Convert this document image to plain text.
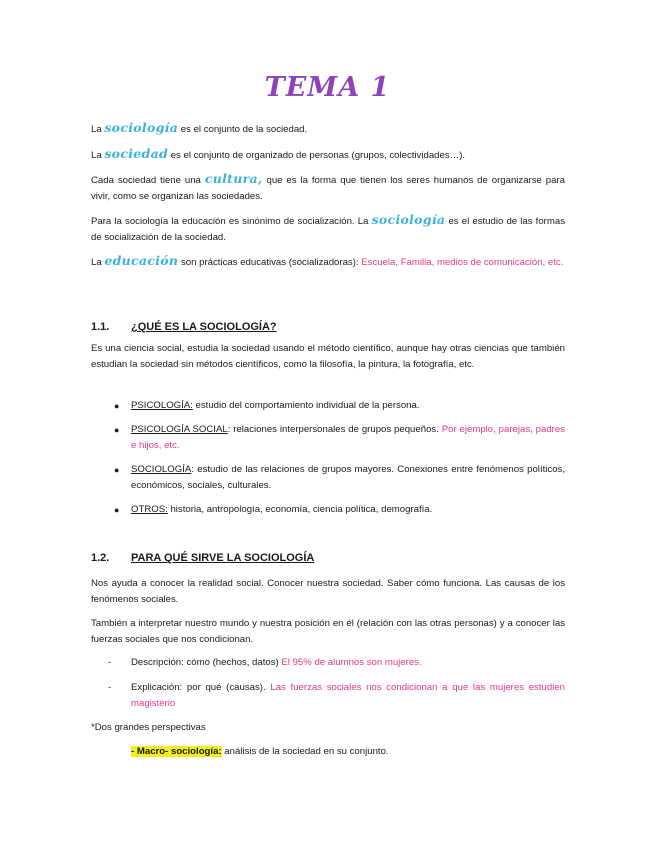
TEMA 1
La sociología es el conjunto de la sociedad.
La sociedad es el conjunto de organizado de personas (grupos, colectividades…).
Cada sociedad tiene una cultura, que es la forma que tienen los seres humanos de organizarse para vivir, como se organizan las sociedades.
Para la sociología la educación es sinónimo de socialización. La sociología es el estudio de las formas de socialización de la sociedad.
La educación son prácticas educativas (socializadoras): Escuela, Familia, medios de comunicación, etc.
1.1. ¿QUÉ ES LA SOCIOLOGÍA?
Es una ciencia social, estudia la sociedad usando el método científico, aunque hay otras ciencias que también estudian la sociedad sin métodos científicos, como la filosofía, la pintura, la fotografía, etc.
● PSICOLOGÍA: estudio del comportamiento individual de la persona.
● PSICOLOGÍA SOCIAL: relaciones interpersonales de grupos pequeños. Por ejemplo, parejas, padres e hijos, etc.
● SOCIOLOGÍA: estudio de las relaciones de grupos mayores. Conexiones entre fenómenos políticos, económicos, sociales, culturales.
● OTROS: historia, antropología, economía, ciencia política, demografía.
1.2. PARA QUÉ SIRVE LA SOCIOLOGÍA
Nos ayuda a conocer la realidad social. Conocer nuestra sociedad. Saber cómo funciona. Las causas de los fenómenos sociales.
También a interpretar nuestro mundo y nuestra posición en él (relación con las otras personas) y a conocer las fuerzas sociales que nos condicionan.
- Descripción: cómo (hechos, datos) El 95% de alumnos son mujeres.
- Explicación: por qué (causas). Las fuerzas sociales nos condicionan a que las mujeres estudien magisterio
*Dos grandes perspectivas
- Macro- sociología: análisis de la sociedad en su conjunto.
